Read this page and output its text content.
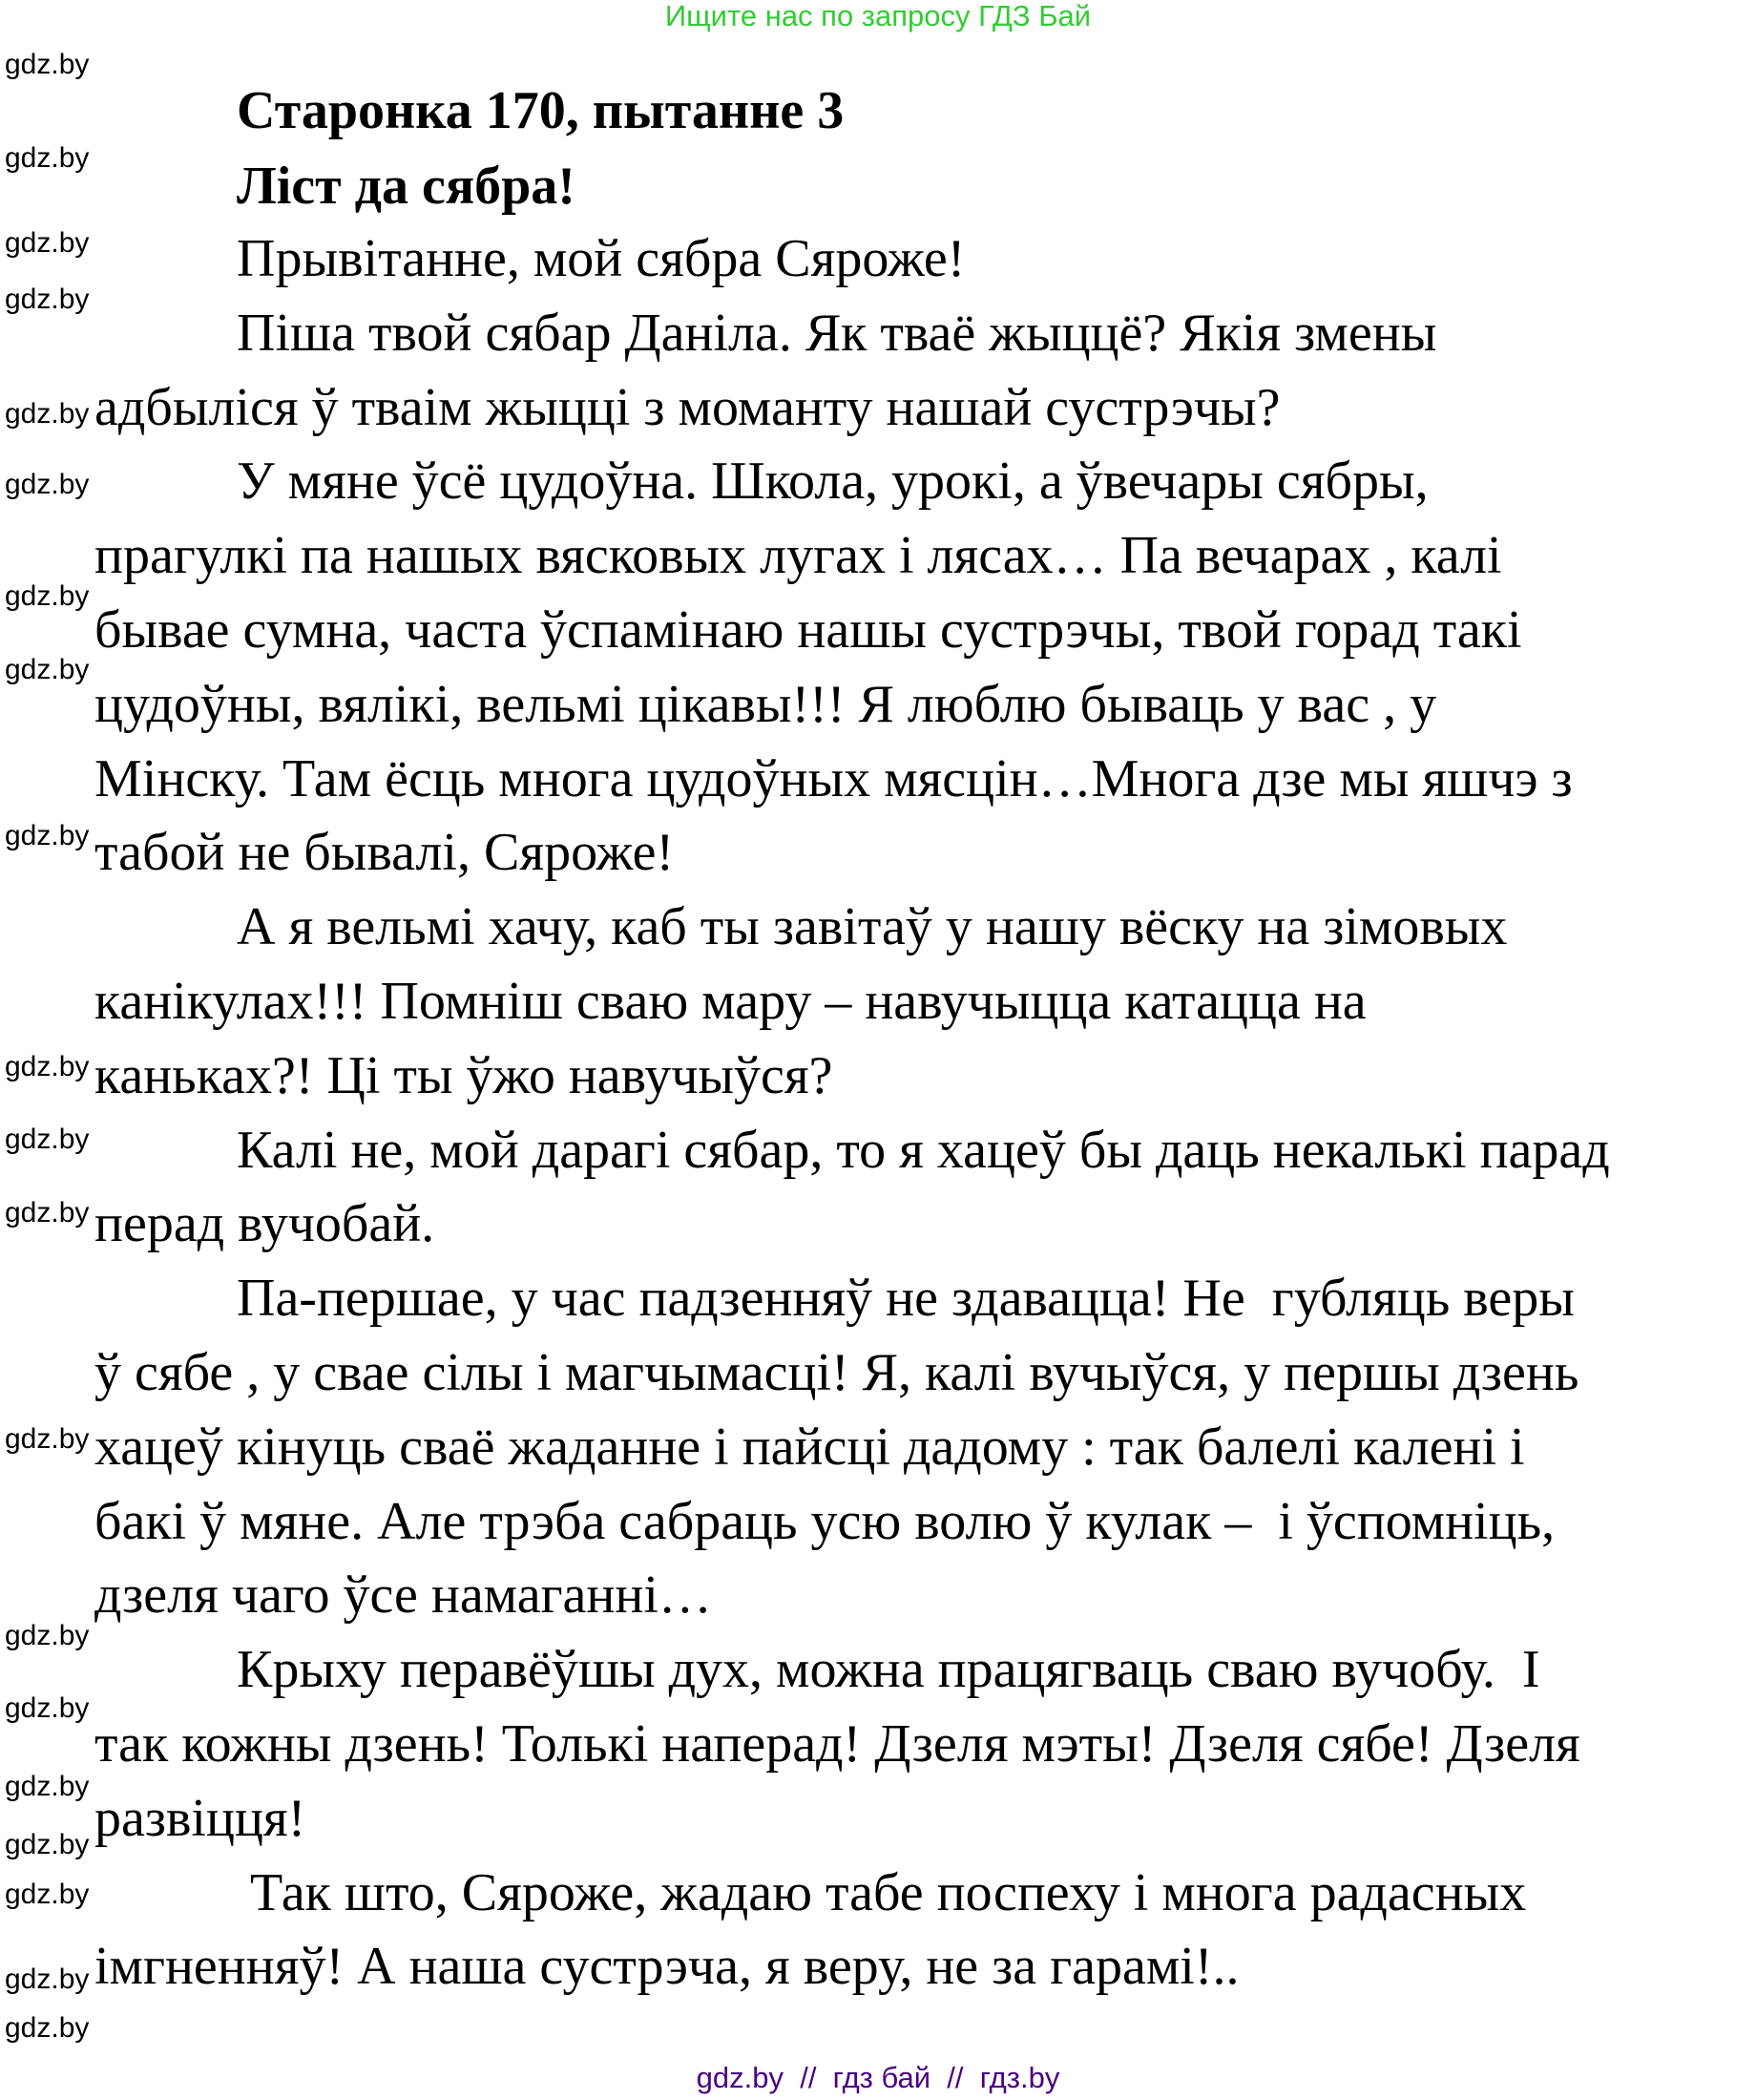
Ищите нас по запросу ГДЗ Бай
Старонка 170, пытанне 3
Ліст да сябра!
Прывітанне, мой сябра Сяроже!
Піша твой сябар Даніла. Як тваё жыццё? Якія змены
адбыліся ў тваім жыцці з моманту нашай сустрэчы?
У мяне ўсё цудоўна. Школа, урокі, а ўвечары сябры,
прагулкі па нашых вясковых лугах і лясах… Па вечарах , калі
бывае сумна, часта ўспамінаю нашы сустрэчы, твой горад такі
цудоўны, вялікі, вельмі цікавы!!! Я люблю бываць у вас , у
Мінску. Там ёсць многа цудоўных мясцін…Многа дзе мы яшчэ з
табой не бывалі, Сяроже!
А я вельмі хачу, каб ты завітаў у нашу вёску на зімовых
канікулах!!! Помніш сваю мару – навучыцца катацца на
каньках?! Ці ты ўжо навучыўся?
Калі не, мой дарагі сябар, то я хацеў бы даць некалькі парад
перад вучобай.
Па-першае, у час падзенняў не здавацца! Не  губляць веры
ў сябе , у свае сілы і магчымасці! Я, калі вучыўся, у першы дзень
хацеў кінуць сваё жаданне і пайсці дадому : так балелі калені і
бакі ў мяне. Але трэба сабраць усю волю ў кулак –  і ўспомніць,
дзеля чаго ўсе намаганні…
Крыху перавёўшы дух, можна працягваць сваю вучобу.  І
так кожны дзень! Толькі наперад! Дзеля мэты! Дзеля сябе! Дзеля
развіцця!
Так што, Сяроже, жадаю табе поспеху і многа радасных
імгненняў! А наша сустрэча, я веру, не за гарамі!..
gdz.by
gdz.by
gdz.by
gdz.by
gdz.by
gdz.by
gdz.by
gdz.by
gdz.by
gdz.by
gdz.by
gdz.by
gdz.by
gdz.by
gdz.by
gdz.by
gdz.by
gdz.by
gdz.by
gdz.by
gdz.by  //  гдз бай  //  гдз.by
